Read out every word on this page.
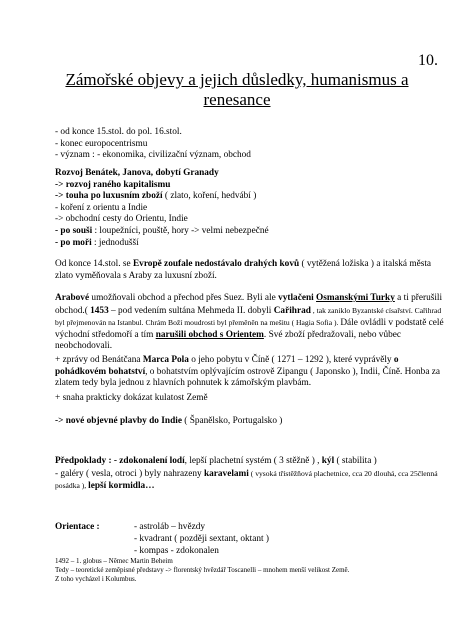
10.
Zámořské objevy a jejich důsledky, humanismus a renesance
- od konce 15.stol. do pol. 16.stol.
- konec europocentrismu
- význam : - ekonomika, civilizační význam, obchod
Rozvoj Benátek, Janova, dobytí Granady
-> rozvoj raného kapitalismu
-> touha po luxusním zboží ( zlato, koření, hedvábí )
- koření z orientu a Indie
-> obchodní cesty do Orientu, Indie
- po souši : loupežníci, pouště, hory -> velmi nebezpečné
- po moři : jednodušší
Od konce 14.stol. se Evropě zoufale nedostávalo drahých kovů ( vytěžená ložiska ) a italská města zlato vyměňovala s Araby za luxusní zboží.
Arabové umožňovali obchod a přechod přes Suez. Byli ale vytlačeni Osmanskými Turky a ti přerušili obchod.( 1453 – pod vedením sultána Mehmeda II. dobyli Cařihrad , tak zaniklo Byzantské císařství. Cařihrad byl přejmenován na Istanbul. Chrám Boží moudrosti byl přeměněn na mešitu ( Hagia Sofia ). Dále ovládli v podstatě celé východní středomoří a tím narušili obchod s Orientem. Své zboží předražovali, nebo vůbec neobchodovali.
+ zprávy od Benátčana Marca Pola o jeho pobytu v Číně ( 1271 – 1292 ), které vyprávěly o pohádkovém bohatství, o bohatstvím oplývajícím ostrově Zipangu ( Japonsko ), Indii, Číně. Honba za zlatem tedy byla jednou z hlavních pohnutek k zámořským plavbám.
+ snaha prakticky dokázat kulatost Země
-> nové objevné plavby do Indie ( Španělsko, Portugalsko )
Předpoklady : - zdokonalení lodí, lepší plachetní systém ( 3 stěžně ) , kýl ( stabilita )
- galéry ( vesla, otroci ) byly nahrazeny karavelami ( vysoká třístěžňová plachetnice, cca 20 dlouhá, cca 25členná posádka ), lepší kormidla…
Orientace :	- astroláb – hvězdy
- kvadrant ( později sextant, oktant )
- kompas - zdokonalen
1492 – 1. globus – Němec Martin Beheim
Tedy – teoretické zeměpisné představy -> florentský hvězdář Toscanelli – mnohem menší velikost Země.
Z toho vycházel i Kolumbus.
